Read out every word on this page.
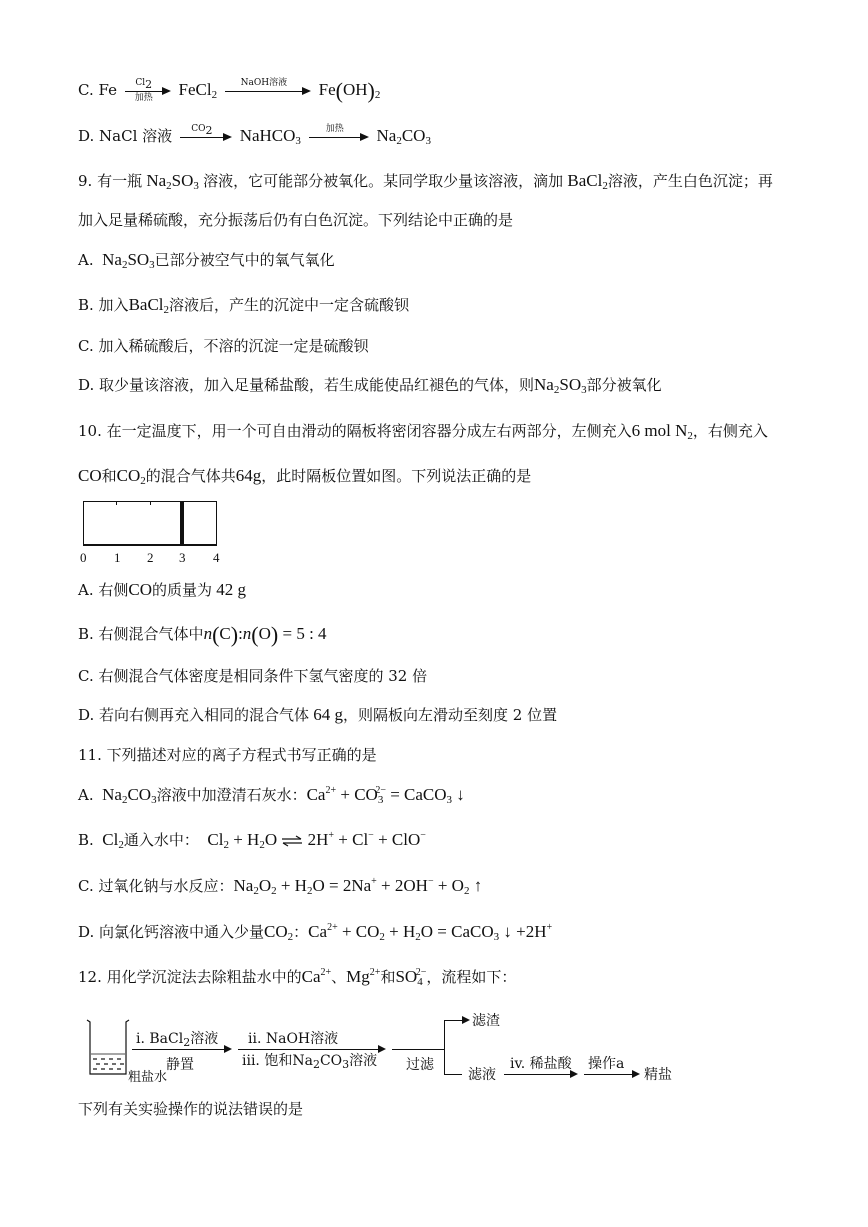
C. Fe	$Cl_2$
加热	FeCl$_2$
NaOH溶液	$Fe(OH)_2$
D. NaCl 溶液	$CO_2$	NaHCO$_3$
加热	$Na_2CO_3$
9. 有一瓶 $Na_2SO_3$ 溶液，它可能部分被氧化。某同学取少量该溶液，滴加 BaCl$_2$溶液，产生白色沉淀；再
加入足量稀硫酸，充分振荡后仍有白色沉淀。下列结论中正确的是
A. $Na_2SO_3$已部分被空气中的氧气氧化
B. 加入BaCl$_2$溶液后，产生的沉淀中一定含硫酸钡
C. 加入稀硫酸后，不溶的沉淀一定是硫酸钡
D. 取少量该溶液，加入足量稀盐酸，若生成能使品红褪色的气体，则$Na_2SO_3$部分被氧化
10. 在一定温度下，用一个可自由滑动的隔板将密闭容器分成左右两部分，左侧充入6 mol $N_2$，右侧充入
CO和$CO_2$的混合气体共64g，此时隔板位置如图。下列说法正确的是
0 1 2 3 4
A. 右侧CO的质量为 42 g
B. 右侧混合气体中n(C):n(O) = 5 : 4
C. 右侧混合气体密度是相同条件下氢气密度的 32 倍
D. 若向右侧再充入相同的混合气体 64 g，则隔板向左滑动至刻度 2 位置
11. 下列描述对应的离子方程式书写正确的是
A. $Na_2CO_3$溶液中加澄清石灰水：$Ca^{2+} + CO_3^{2-}$ = CaCO$_3$ ↓
B. $Cl_2$通入水中： $Cl_2 + H_2O$ ⇌ 2H+ + Cl− + ClO−
C. 过氧化钠与水反应：$Na_2O_2 + H_2O = 2Na^+ + 2OH^- + O_2$ ↑
D. 向氯化钙溶液中通入少量$CO_2$：$Ca^{2+} + CO_2 + H_2O$ = CaCO$_3$ ↓ +2H+
12. 用化学沉淀法去除粗盐水中的$Ca^{2+}$、$Mg^{2+}$和$SO_4^{2-}$，流程如下：
粗盐水
i. BaCl$_2$溶液
静置
ii. NaOH溶液
iii. 饱和$Na_2CO_3$溶液 过滤
滤渣
滤液
iv. 稀盐酸 操作a
精盐
下列有关实验操作的说法错误的是
